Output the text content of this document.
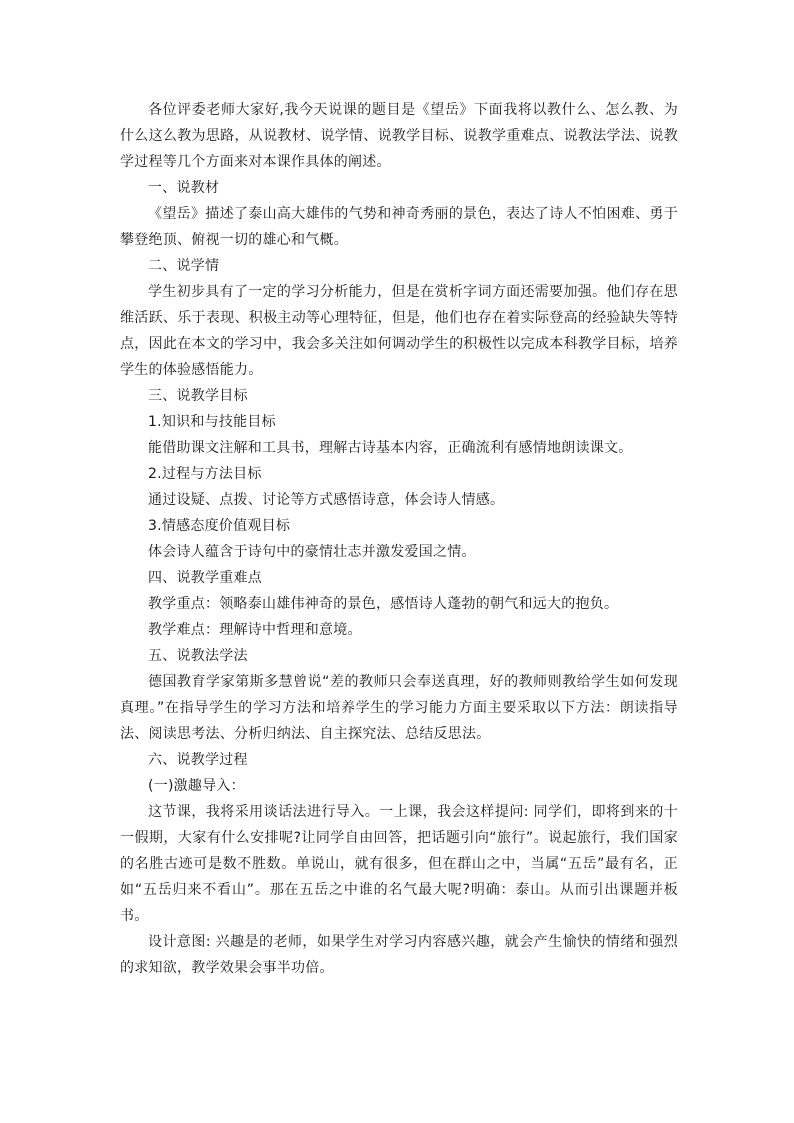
各位评委老师大家好,我今天说课的题目是《望岳》下面我将以教什么、怎么教、为什么这么教为思路，从说教材、说学情、说教学目标、说教学重难点、说教法学法、说教学过程等几个方面来对本课作具体的阐述。

一、说教材

《望岳》描述了泰山高大雄伟的气势和神奇秀丽的景色，表达了诗人不怕困难、勇于攀登绝顶、俯视一切的雄心和气概。

二、说学情

学生初步具有了一定的学习分析能力，但是在赏析字词方面还需要加强。他们存在思维活跃、乐于表现、积极主动等心理特征，但是，他们也存在着实际登高的经验缺失等特点，因此在本文的学习中，我会多关注如何调动学生的积极性以完成本科教学目标，培养学生的体验感悟能力。

三、说教学目标

1.知识和与技能目标

能借助课文注解和工具书，理解古诗基本内容，正确流利有感情地朗读课文。

2.过程与方法目标

通过设疑、点拨、讨论等方式感悟诗意，体会诗人情感。

3.情感态度价值观目标

体会诗人蕴含于诗句中的豪情壮志并激发爱国之情。

四、说教学重难点

教学重点：领略泰山雄伟神奇的景色，感悟诗人蓬勃的朝气和远大的抱负。

教学难点：理解诗中哲理和意境。

五、说教法学法

德国教育学家第斯多慧曾说“差的教师只会奉送真理，好的教师则教给学生如何发现真理。”在指导学生的学习方法和培养学生的学习能力方面主要采取以下方法：朗读指导法、阅读思考法、分析归纳法、自主探究法、总结反思法。

六、说教学过程

(一)激趣导入：

这节课，我将采用谈话法进行导入。一上课，我会这样提问: 同学们，即将到来的十一假期，大家有什么安排呢?让同学自由回答，把话题引向“旅行”。说起旅行，我们国家的名胜古迹可是数不胜数。单说山，就有很多，但在群山之中，当属“五岳”最有名，正如“五岳归来不看山”。那在五岳之中谁的名气最大呢?明确：泰山。从而引出课题并板书。

设计意图: 兴趣是的老师，如果学生对学习内容感兴趣，就会产生愉快的情绪和强烈的求知欲，教学效果会事半功倍。
